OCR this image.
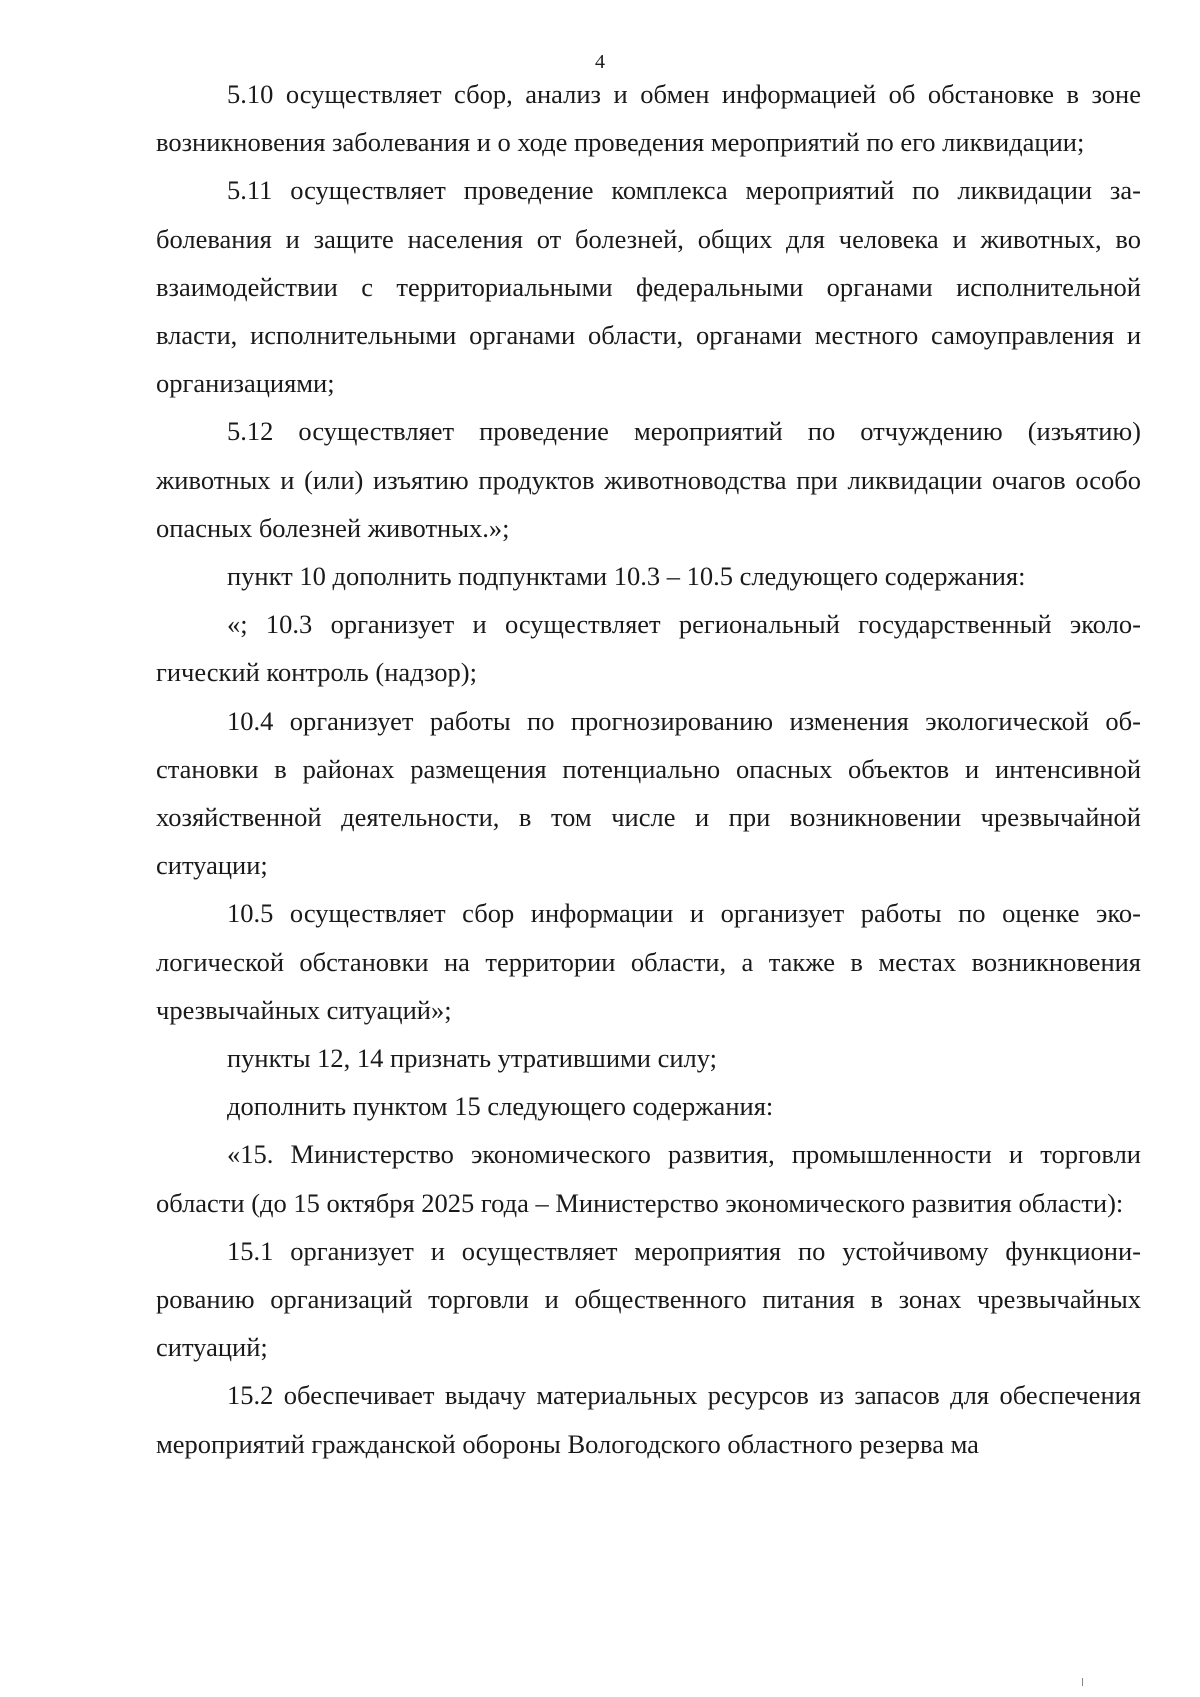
4

5.10 осуществляет сбор, анализ и обмен информацией об обстановке в зоне возникновения заболевания и о ходе проведения мероприятий по его ликвидации;

5.11 осуществляет проведение комплекса мероприятий по ликвидации заболевания и защите населения от болезней, общих для человека и животных, во взаимодействии с территориальными федеральными органами исполнительной власти, исполнительными органами области, органами местного самоуправления и организациями;

5.12 осуществляет проведение мероприятий по отчуждению (изъятию) животных и (или) изъятию продуктов животноводства при ликвидации очагов особо опасных болезней животных.»;

пункт 10 дополнить подпунктами 10.3 – 10.5 следующего содержания:

«; 10.3 организует и осуществляет региональный государственный экологический контроль (надзор);

10.4 организует работы по прогнозированию изменения экологической обстановки в районах размещения потенциально опасных объектов и интенсивной хозяйственной деятельности, в том числе и при возникновении чрезвычайной ситуации;

10.5 осуществляет сбор информации и организует работы по оценке экологической обстановки на территории области, а также в местах возникновения чрезвычайных ситуаций»;

пункты 12, 14 признать утратившими силу;

дополнить пунктом 15 следующего содержания:

«15. Министерство экономического развития, промышленности и торговли области (до 15 октября 2025 года – Министерство экономического развития области):

15.1 организует и осуществляет мероприятия по устойчивому функционированию организаций торговли и общественного питания в зонах чрезвычайных ситуаций;

15.2 обеспечивает выдачу материальных ресурсов из запасов для обеспечения мероприятий гражданской обороны Вологодского областного резерва ма
